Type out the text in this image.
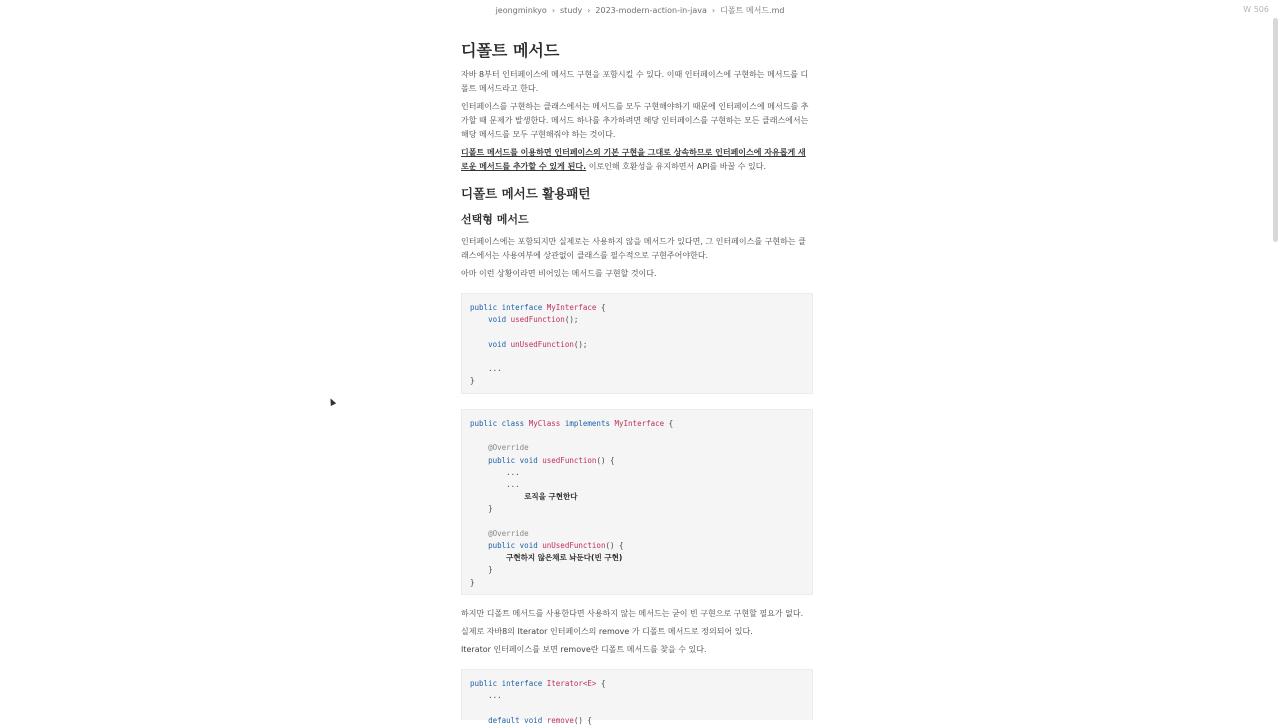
jeongminkyo › study › 2023-modern-action-in-java › 디폴트 메서드.md	W 506
디폴트 메서드

자바 8부터 인터페이스에 메서드 구현을 포함시킬 수 있다. 이때 인터페이스에 구현하는 메서드를 디폴트 메서드라고 한다.

인터페이스를 구현하는 클래스에서는 메서드를 모두 구현해야하기 때문에 인터페이스에 메서드를 추가할 때 문제가 발생한다. 메서드 하나를 추가하려면 해당 인터페이스를 구현하는 모든 클래스에서는 해당 메서드를 모두 구현해줘야 하는 것이다.

디폴트 메서드를 이용하면 인터페이스의 기본 구현을 그대로 상속하므로 인터페이스에 자유롭게 새로운 메서드를 추가할 수 있게 된다. 이로인해 호환성을 유지하면서 API를 바꿀 수 있다.

디폴트 메서드 활용패턴
선택형 메서드

인터페이스에는 포함되지만 실제로는 사용하지 않을 메서드가 있다면, 그 인터페이스를 구현하는 클래스에서는 사용여부에 상관없이 클래스를 필수적으로 구현주어야한다.

아마 이런 상황이라면 비어있는 메서드를 구현할 것이다.

public interface MyInterface {
void usedFunction();

void unUsedFunction();

...
}
public class MyClass implements MyInterface {

@Override
public void usedFunction() {
...
...
로직을 구현한다
}

@Override
public void unUsedFunction() {
구현하지 않은채로 놔둔다(빈 구현)
}
}

하지만 디폴트 메서드를 사용한다면 사용하지 않는 메서드는 굳이 빈 구현으로 구현할 필요가 없다.

실제로 자바8의 Iterator 인터페이스의 remove 가 디폴트 메서드로 정의되어 있다.

Iterator 인터페이스를 보면 remove란 디폴트 메서드를 찾을 수 있다.

public interface Iterator<E> {
...

default void remove() {
